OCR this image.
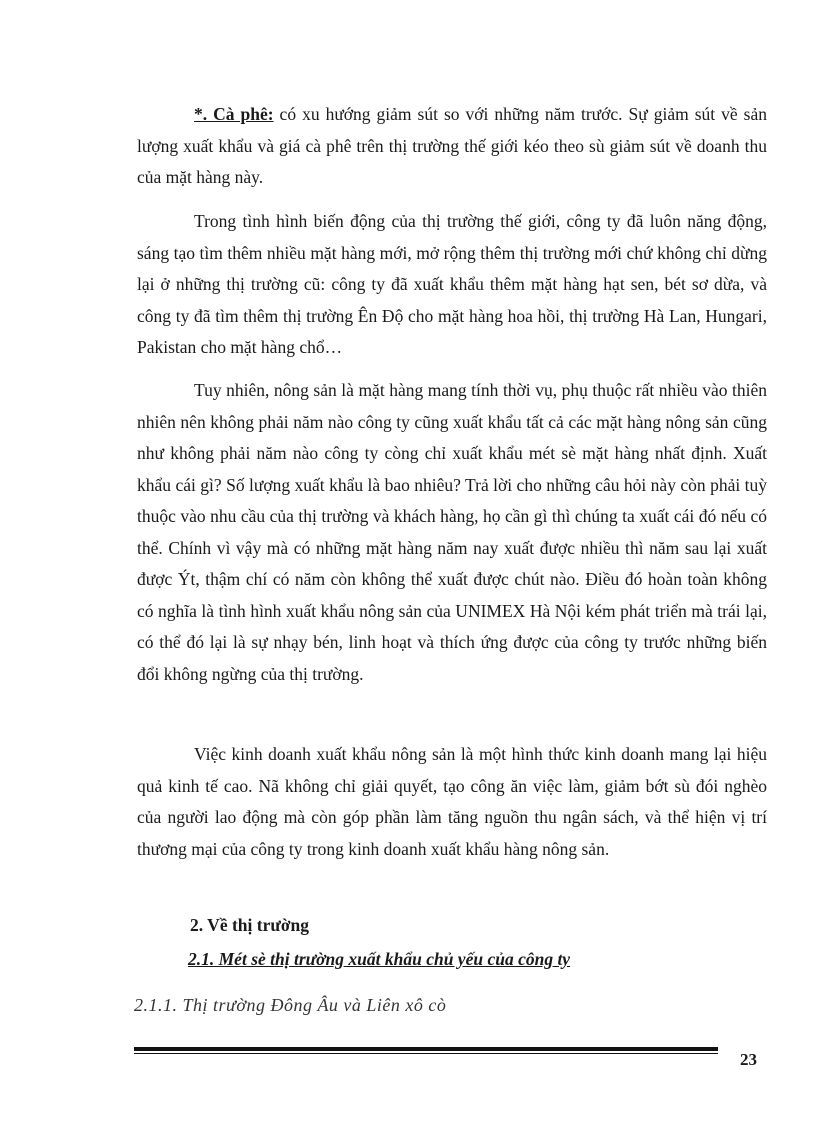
*. Cà phê: có xu hướng giảm sút so với những năm trước. Sự giảm sút về sản lượng xuất khẩu và giá cà phê trên thị trường thế giới kéo theo sù giảm sút về doanh thu của mặt hàng này.

Trong tình hình biến động của thị trường thế giới, công ty đã luôn năng động, sáng tạo tìm thêm nhiều mặt hàng mới, mở rộng thêm thị trường mới chứ không chỉ dừng lại ở những thị trường cũ: công ty đã xuất khẩu thêm mặt hàng hạt sen, bét sơ dừa, và công ty đã tìm thêm thị trường Ên Độ cho mặt hàng hoa hồi, thị trường Hà Lan, Hungari, Pakistan cho mặt hàng chổ…

Tuy nhiên, nông sản là mặt hàng mang tính thời vụ, phụ thuộc rất nhiều vào thiên nhiên nên không phải năm nào công ty cũng xuất khẩu tất cả các mặt hàng nông sản cũng như không phải năm nào công ty còng chỉ xuất khẩu mét sè mặt hàng nhất định. Xuất khẩu cái gì? Số lượng xuất khẩu là bao nhiêu? Trả lời cho những câu hỏi này còn phải tuỳ thuộc vào nhu cầu của thị trường và khách hàng, họ cần gì thì chúng ta xuất cái đó nếu có thể. Chính vì vậy mà có những mặt hàng năm nay xuất được nhiều thì năm sau lại xuất được Ýt, thậm chí có năm còn không thể xuất được chút nào. Điều đó hoàn toàn không có nghĩa là tình hình xuất khẩu nông sản của UNIMEX Hà Nội kém phát triển mà trái lại, có thể đó lại là sự nhạy bén, linh hoạt và thích ứng được của công ty trước những biến đổi không ngừng của thị trường.

Việc kinh doanh xuất khẩu nông sản là một hình thức kinh doanh mang lại hiệu quả kinh tế cao. Nã không chỉ giải quyết, tạo công ăn việc làm, giảm bớt sù đói nghèo của người lao động mà còn góp phần làm tăng nguồn thu ngân sách, và thể hiện vị trí thương mại của công ty trong kinh doanh xuất khẩu hàng nông sản.

2. Về thị trường

2.1. Mét sè thị trường xuất khẩu chủ yếu của công ty

2.1.1. Thị trường Đông Âu và Liên xô cò

23
